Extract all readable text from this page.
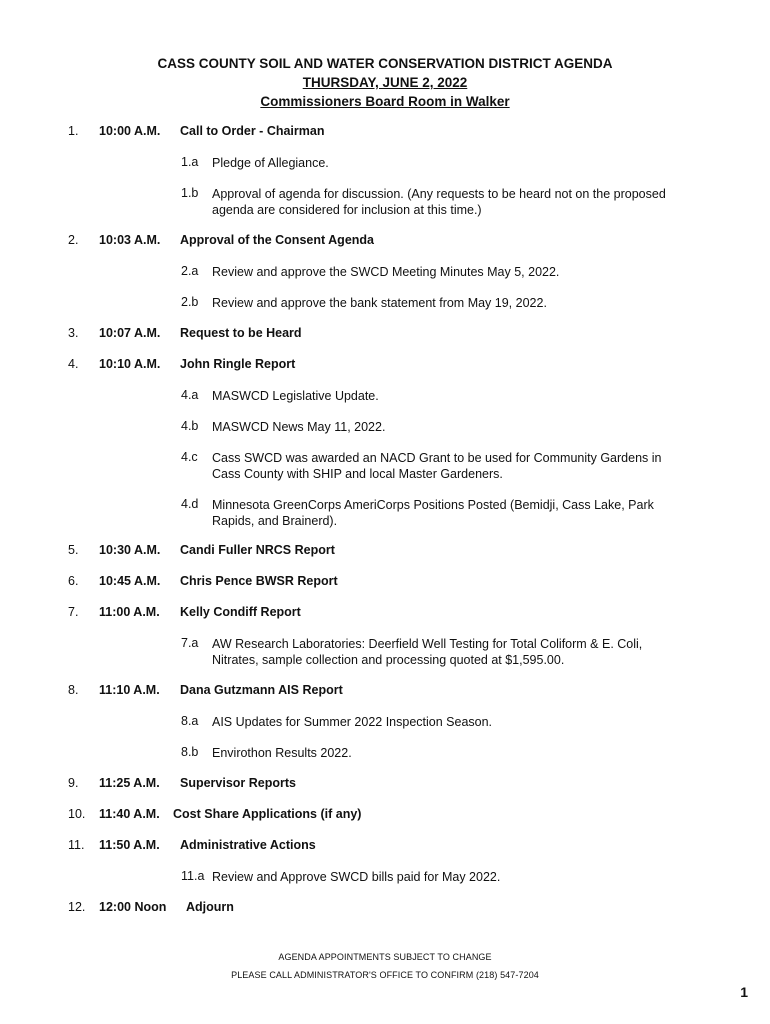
CASS COUNTY SOIL AND WATER CONSERVATION DISTRICT AGENDA
THURSDAY, JUNE 2, 2022
Commissioners Board Room in Walker
1. 10:00 A.M. Call to Order - Chairman
1.a Pledge of Allegiance.
1.b Approval of agenda for discussion. (Any requests to be heard not on the proposed agenda are considered for inclusion at this time.)
2. 10:03 A.M. Approval of the Consent Agenda
2.a Review and approve the SWCD Meeting Minutes May 5, 2022.
2.b Review and approve the bank statement from May 19, 2022.
3. 10:07 A.M. Request to be Heard
4. 10:10 A.M. John Ringle Report
4.a MASWCD Legislative Update.
4.b MASWCD News May 11, 2022.
4.c Cass SWCD was awarded an NACD Grant to be used for Community Gardens in Cass County with SHIP and local Master Gardeners.
4.d Minnesota GreenCorps AmeriCorps Positions Posted (Bemidji, Cass Lake, Park Rapids, and Brainerd).
5. 10:30 A.M. Candi Fuller NRCS Report
6. 10:45 A.M. Chris Pence BWSR Report
7. 11:00 A.M. Kelly Condiff Report
7.a AW Research Laboratories: Deerfield Well Testing for Total Coliform & E. Coli, Nitrates, sample collection and processing quoted at $1,595.00.
8. 11:10 A.M. Dana Gutzmann AIS Report
8.a AIS Updates for Summer 2022 Inspection Season.
8.b Envirothon Results 2022.
9. 11:25 A.M. Supervisor Reports
10. 11:40 A.M. Cost Share Applications (if any)
11. 11:50 A.M. Administrative Actions
11.a Review and Approve SWCD bills paid for May 2022.
12. 12:00 Noon Adjourn
AGENDA APPOINTMENTS SUBJECT TO CHANGE
PLEASE CALL ADMINISTRATOR'S OFFICE TO CONFIRM (218) 547-7204
1
